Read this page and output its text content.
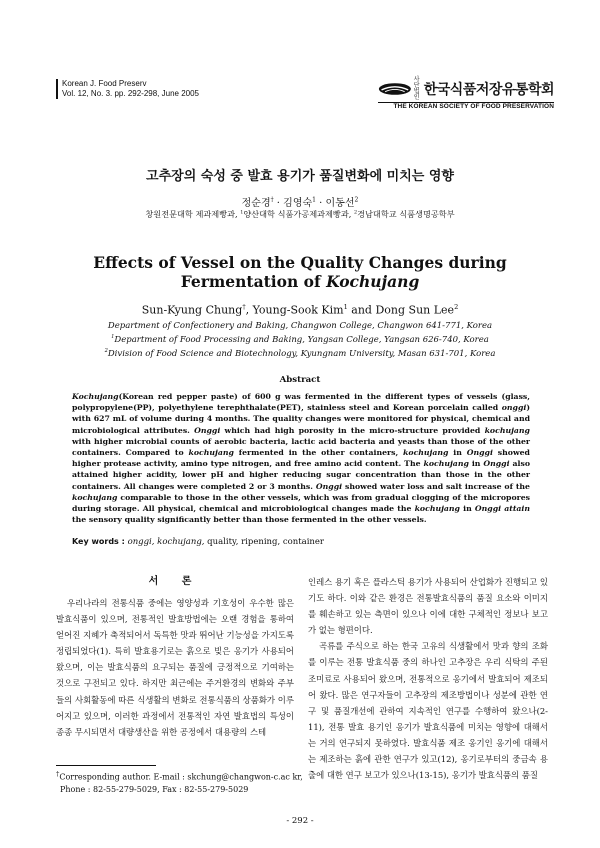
Korean J. Food Preserv
Vol. 12, No. 3. pp. 292-298, June 2005
사단법인 한국식품저장유통학회
THE KOREAN SOCIETY OF FOOD PRESERVATION
고추장의 숙성 중 발효 용기가 품질변화에 미치는 영향
정순경† · 김영숙$^1$ · 이동선$^2$
창원전문대학 제과제빵과, $^1$양산대학 식품가공제과제빵과, $^2$경남대학교 식품생명공학부
Effects of Vessel on the Quality Changes during
Fermentation of Kochujang
Sun-Kyung Chung†, Young-Sook Kim$^1$ and Dong Sun Lee$^2$
Department of Confectionery and Baking, Changwon College, Changwon 641-771, Korea
$^1$Department of Food Processing and Baking, Yangsan College, Yangsan 626-740, Korea
$^2$Division of Food Science and Biotechnology, Kyungnam University, Masan 631-701, Korea
Abstract
Kochujang(Korean red pepper paste) of 600 g was fermented in the different types of vessels (glass, polypropylene(PP), polyethylene terephthalate(PET), stainless steel and Korean porcelain called onggi) with 627 mL of volume during 4 months. The quality changes were monitored for physical, chemical and microbiological attributes. Onggi which had high porosity in the micro-structure provided kochujang with higher microbial counts of aerobic bacteria, lactic acid bacteria and yeasts than those of the other containers. Compared to kochujang fermented in the other containers, kochujang in Onggi showed higher protease activity, amino type nitrogen, and free amino acid content. The kochujang in Onggi also attained higher acidity, lower pH and higher reducing sugar concentration than those in the other containers. All changes were completed 2 or 3 months. Onggi showed water loss and salt increase of the kochujang comparable to those in the other vessels, which was from gradual clogging of the micropores during storage. All physical, chemical and microbiological changes made the kochujang in Onggi attain the sensory quality significantly better than those fermented in the other vessels.
Key words : onggi, kochujang, quality, ripening, container
서 론

우리나라의 전통식품 중에는 영양성과 기호성이 우수한 많은 발효식품이 있으며, 전통적인 발효방법에는 오랜 경험을 통하여 얻어진 지혜가 축적되어서 독특한 맛과 뛰어난 기능성을 가지도록 정립되었다(1). 특히 발효용기로는 흙으로 빚은 옹기가 사용되어 왔으며, 이는 발효식품의 요구되는 품질에 긍정적으로 기여하는 것으로 구전되고 있다. 하지만 최근에는 주거환경의 변화와 주부들의 사회활동에 따른 식생활의 변화로 전통식품의 상품화가 이루어지고 있으며, 이러한 과정에서 전통적인 자연 발효법의 특성이 종종 무시되면서 대량생산을 위한 공정에서 대용량의 스테

인레스 용기 혹은 플라스틱 용기가 사용되어 산업화가 진행되고 있기도 하다. 이와 같은 환경은 전통발효식품의 품질 요소와 이미지를 훼손하고 있는 측면이 있으나 이에 대한 구체적인 정보나 보고가 없는 형편이다.

곡류를 주식으로 하는 한국 고유의 식생활에서 맛과 향의 조화를 이루는 전통 발효식품 중의 하나인 고추장은 우리 식탁의 주된 조미료로 사용되어 왔으며, 전통적으로 옹기에서 발효되어 제조되어 왔다. 많은 연구자들이 고추장의 제조방법이나 성분에 관한 연구 및 품질개선에 관하여 지속적인 연구를 수행하여 왔으나(2-11), 전통 발효 용기인 옹기가 발효식품에 미치는 영향에 대해서는 거의 연구되지 못하였다. 발효식품 제조 옹기인 옹기에 대해서는 제조하는 흙에 관한 연구가 있고(12), 옹기로부터의 중금속 용출에 대한 연구 보고가 있으나(13-15), 옹기가 발효식품의 품질

†Corresponding author. E-mail : skchung@changwon-c.ac kr,
Phone : 82-55-279-5029, Fax : 82-55-279-5029
- 292 -
